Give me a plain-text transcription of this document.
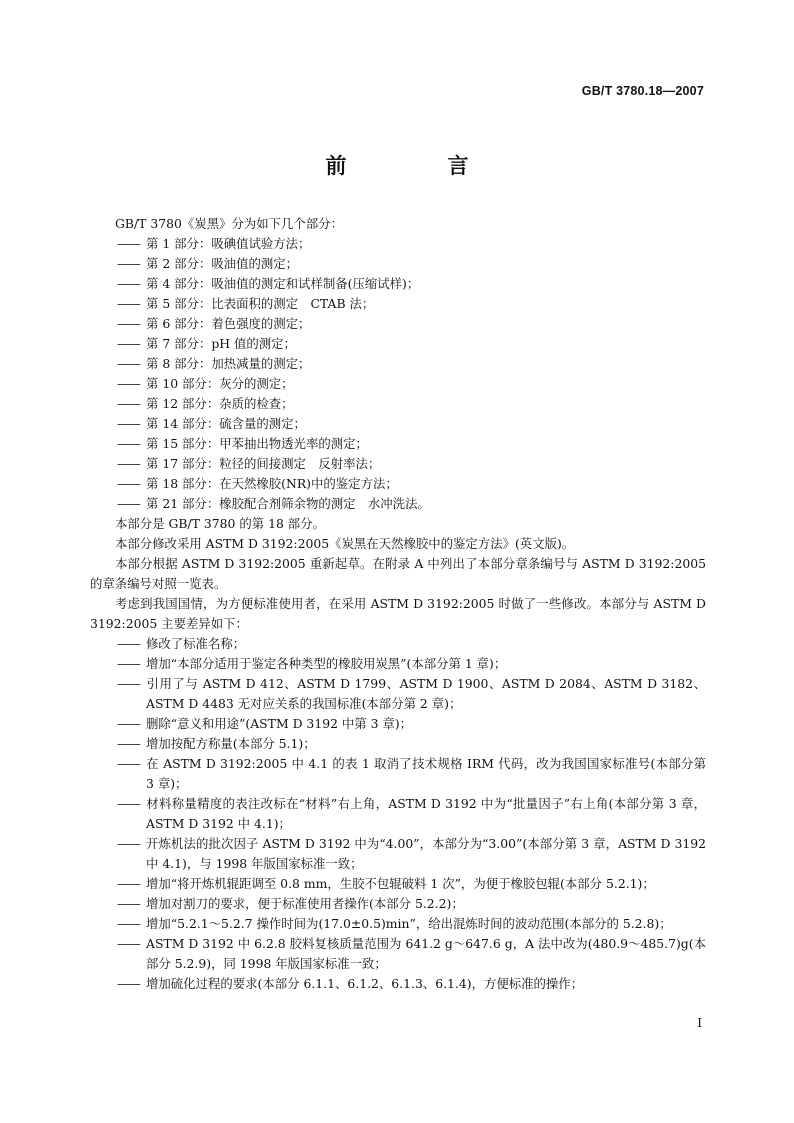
GB/T 3780.18—2007
前　言
GB/T 3780《炭黑》分为如下几个部分：
—— 第 1 部分：吸碘值试验方法；
—— 第 2 部分：吸油值的测定；
—— 第 4 部分：吸油值的测定和试样制备(压缩试样)；
—— 第 5 部分：比表面积的测定　CTAB 法；
—— 第 6 部分：着色强度的测定；
—— 第 7 部分：pH 值的测定；
—— 第 8 部分：加热减量的测定；
—— 第 10 部分：灰分的测定；
—— 第 12 部分：杂质的检查；
—— 第 14 部分：硫含量的测定；
—— 第 15 部分：甲苯抽出物透光率的测定；
—— 第 17 部分：粒径的间接测定　反射率法；
—— 第 18 部分：在天然橡胶(NR)中的鉴定方法；
—— 第 21 部分：橡胶配合剂筛余物的测定　水冲洗法。
本部分是 GB/T 3780 的第 18 部分。
本部分修改采用 ASTM D 3192:2005《炭黑在天然橡胶中的鉴定方法》(英文版)。
本部分根据 ASTM D 3192:2005 重新起草。在附录 A 中列出了本部分章条编号与 ASTM D 3192:2005 的章条编号对照一览表。
考虑到我国国情，为方便标准使用者，在采用 ASTM D 3192:2005 时做了一些修改。本部分与 ASTM D 3192:2005 主要差异如下：
—— 修改了标准名称；
—— 增加“本部分适用于鉴定各种类型的橡胶用炭黑”(本部分第 1 章)；
—— 引用了与 ASTM D 412、ASTM D 1799、ASTM D 1900、ASTM D 2084、ASTM D 3182、ASTM D 4483 无对应关系的我国标准(本部分第 2 章)；
—— 删除“意义和用途”(ASTM D 3192 中第 3 章)；
—— 增加按配方称量(本部分 5.1)；
—— 在 ASTM D 3192:2005 中 4.1 的表 1 取消了技术规格 IRM 代码，改为我国国家标准号(本部分第 3 章)；
—— 材料称量精度的表注改标在“材料”右上角，ASTM D 3192 中为“批量因子”右上角(本部分第 3 章，ASTM D 3192 中 4.1)；
—— 开炼机法的批次因子 ASTM D 3192 中为“4.00”，本部分为“3.00”(本部分第 3 章，ASTM D 3192 中 4.1)，与 1998 年版国家标准一致；
—— 增加“将开炼机辊距调至 0.8 mm，生胶不包辊破料 1 次”，为便于橡胶包辊(本部分 5.2.1)；
—— 增加对割刀的要求，便于标准使用者操作(本部分 5.2.2)；
—— 增加“5.2.1～5.2.7 操作时间为(17.0±0.5)min”，给出混炼时间的波动范围(本部分的 5.2.8)；
—— ASTM D 3192 中 6.2.8 胶料复核质量范围为 641.2 g～647.6 g，A 法中改为(480.9～485.7)g(本部分 5.2.9)，同 1998 年版国家标准一致；
—— 增加硫化过程的要求(本部分 6.1.1、6.1.2、6.1.3、6.1.4)，方便标准的操作；
I
